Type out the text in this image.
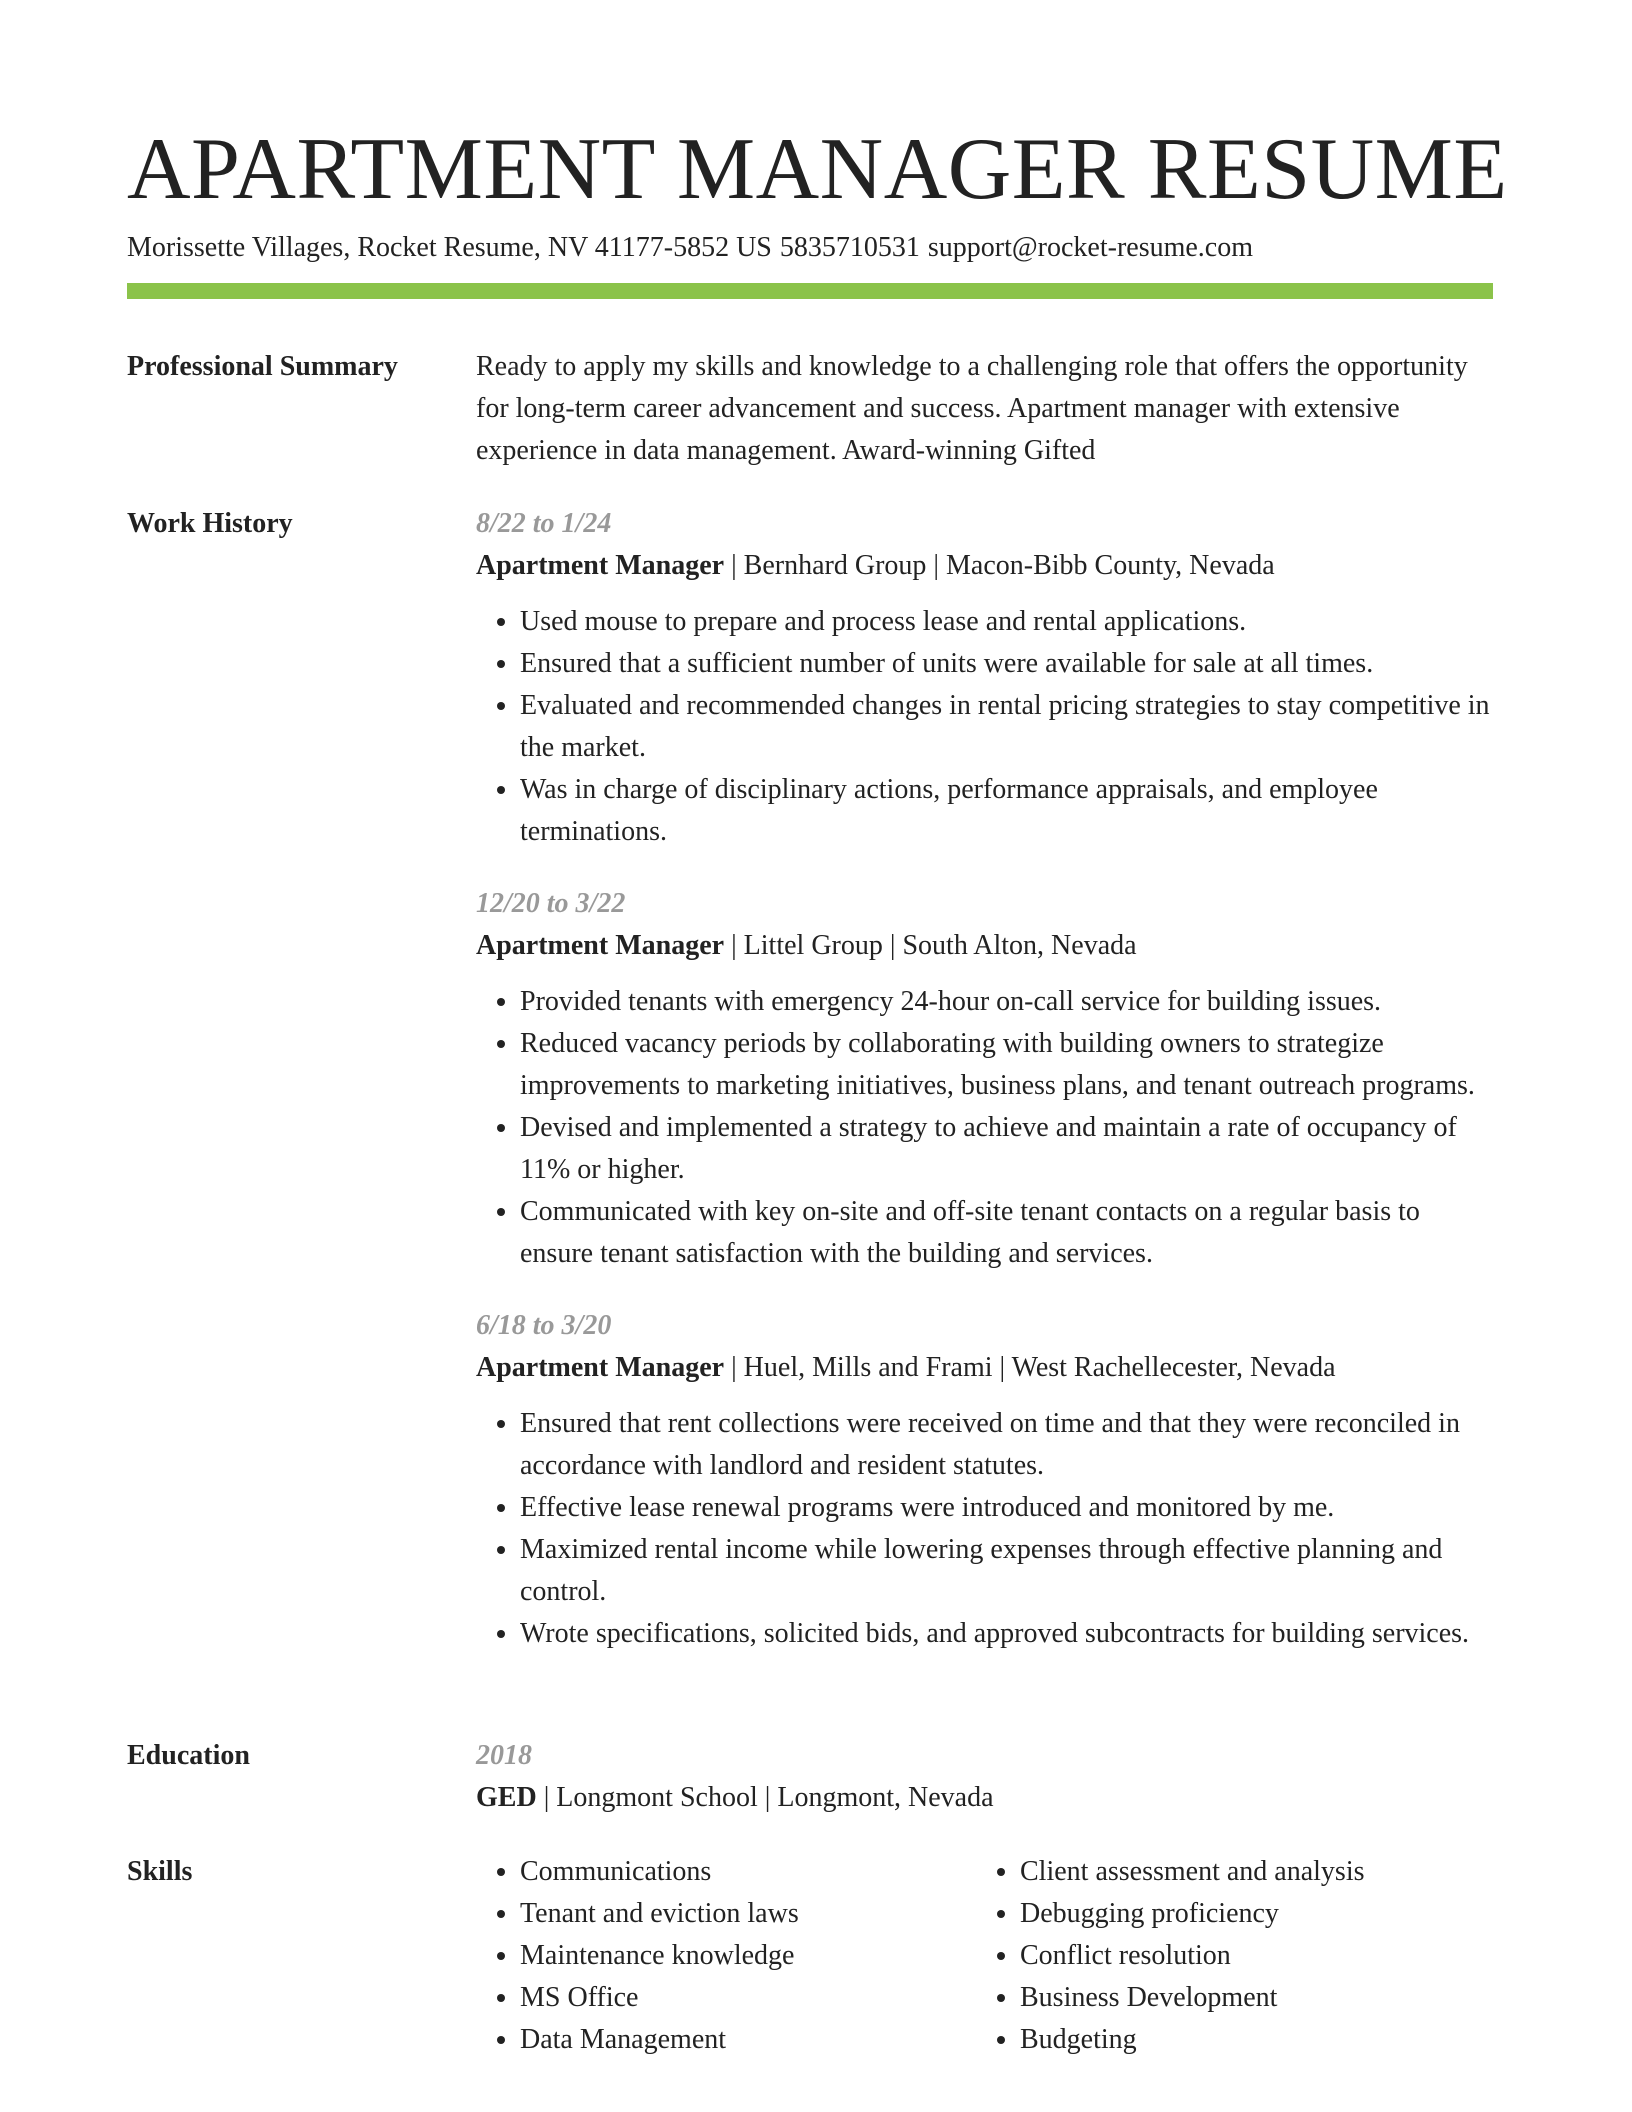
APARTMENT MANAGER RESUME
Morissette Villages, Rocket Resume, NV 41177-5852 US 5835710531 support@rocket-resume.com
Professional Summary	Ready to apply my skills and knowledge to a challenging role that offers the opportunity for long-term career advancement and success. Apartment manager with extensive experience in data management. Award-winning Gifted

Work History	8/22 to 1/24
Apartment Manager | Bernhard Group | Macon-Bibb County, Nevada
• Used mouse to prepare and process lease and rental applications.
• Ensured that a sufficient number of units were available for sale at all times.
• Evaluated and recommended changes in rental pricing strategies to stay competitive in the market.
• Was in charge of disciplinary actions, performance appraisals, and employee terminations.
12/20 to 3/22
Apartment Manager | Littel Group | South Alton, Nevada
• Provided tenants with emergency 24-hour on-call service for building issues.
• Reduced vacancy periods by collaborating with building owners to strategize improvements to marketing initiatives, business plans, and tenant outreach programs.
• Devised and implemented a strategy to achieve and maintain a rate of occupancy of 11% or higher.
• Communicated with key on-site and off-site tenant contacts on a regular basis to ensure tenant satisfaction with the building and services.
6/18 to 3/20
Apartment Manager | Huel, Mills and Frami | West Rachellecester, Nevada
• Ensured that rent collections were received on time and that they were reconciled in accordance with landlord and resident statutes.
• Effective lease renewal programs were introduced and monitored by me.
• Maximized rental income while lowering expenses through effective planning and control.
• Wrote specifications, solicited bids, and approved subcontracts for building services.
Education	2018
GED | Longmont School | Longmont, Nevada
Skills
•	Communications
• Tenant and eviction laws
• Maintenance knowledge
• MS Office
• Data Management
• Client assessment and analysis
• Debugging proficiency
• Conflict resolution
• Business Development
• Budgeting
